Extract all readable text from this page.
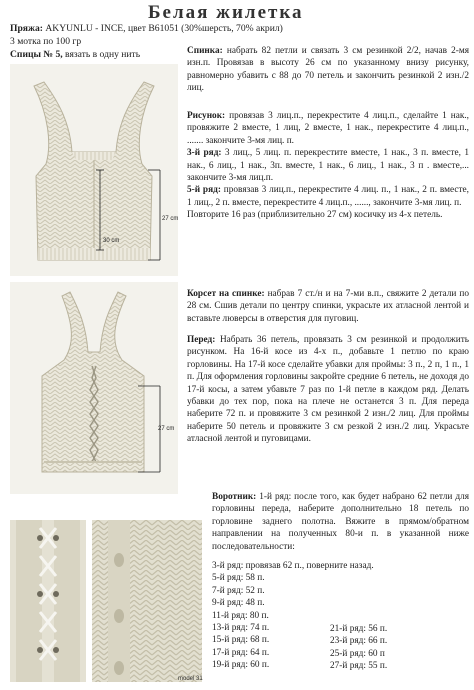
Белая жилетка
Пряжа: AKYUNLU - INCE, цвет B61051 (30%шерсть, 70% акрил)
3 мотка по 100 гр
Спицы № 5, вязать в одну нить
30 cm
27 cm
27 cm
model 31

Спинка: набрать 82 петли и связать 3 см резинкой 2/2, начав 2-мя изн.п. Провязав в высоту 26 см по указанному внизу рисунку, равномерно убавить с 88 до 70 петель и закончить резинкой 2 изн./2 лиц.

Рисунок: провязав 3 лиц.п., перекрестите 4 лиц.п., сделайте 1 нак., провяжите 2 вместе, 1 лиц, 2 вместе, 1 нак., перекрестите 4 лиц.п., ....... закончите 3-мя лиц. п.

3-й ряд: 3 лиц., 5 лиц. п. перекрестите вместе, 1 нак., 3 п. вместе, 1 нак., 6 лиц., 1 нак., 3п. вместе, 1 нак., 6 лиц., 1 нак., 3 п . вместе,... закончите 3-мя лиц.п.

5-й ряд: провязав 3 лиц.п., перекрестите 4 лиц. п., 1 нак., 2 п. вместе, 1 лиц., 2 п. вместе, перекрестите 4 лиц.п., ......, закончите 3-мя лиц. п.

Повторите 16 раз (приблизительно 27 см) косичку из 4-х петель.

Корсет на спинке: набрав 7 ст./н и на 7-ми в.п., свяжите 2 детали по 28 см. Сшив детали по центру спинки, украсьте их атласной лентой и вставьте люверсы в отверстия для пуговиц.

Перед: Набрать 36 петель, провязать 3 см резинкой и продолжить рисунком. На 16-й косе из 4-х п., добавьте 1 петлю по краю горловины. На 17-й косе сделайте убавки для проймы: 3 п., 2 п, 1 п., 1 п. Для оформления горловины закройте средние 6 петель, не доходя до 17-й косы, а затем убавьте 7 раз по 1-й петле в каждом ряд. Делать убавки до тех пор, пока на плече не останется 3 п. Для переда наберите 72 п. и провяжите 3 см резинкой 2 изн./2 лиц. Для проймы наберите 50 петель и провяжите 3 см резкой 2 изн./2 лиц. Украсьте атласной лентой и пуговицами.

Воротник: 1-й ряд: после того, как будет набрано 62 петли для горловины переда, наберите дополнительно 18 петель по горловине заднего полотна. Вяжите в прямом/обратном направлении на полученных 80-и п. в указанной ниже последовательности:

3-й ряд: провязав 62 п., поверните назад.
5-й ряд: 58 п.
7-й ряд: 52 п.
9-й ряд: 48 п.
11-й ряд: 80 п.
13-й ряд: 74 п.
15-й ряд: 68 п.
17-й ряд: 64 п.
19-й ряд: 60 п.
21-й ряд: 56 п.
23-й ряд: 66 п.
25-й ряд: 60 п
27-й ряд: 55 п.
